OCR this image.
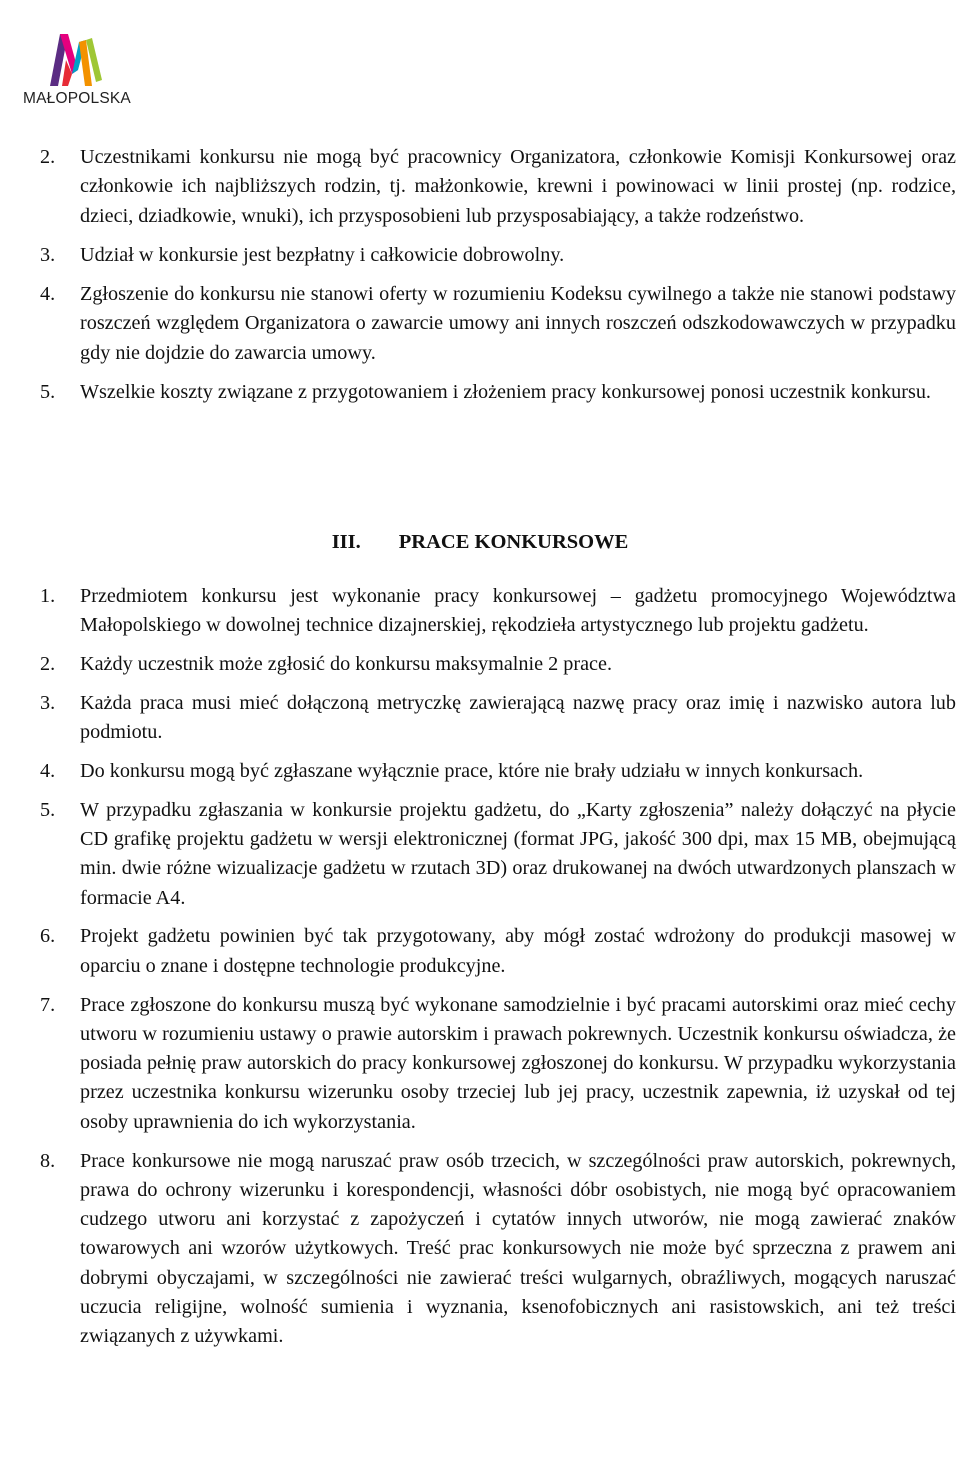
MAŁOPOLSKA
2. Uczestnikami konkursu nie mogą być pracownicy Organizatora, członkowie Komisji Konkursowej oraz członkowie ich najbliższych rodzin, tj. małżonkowie, krewni i powinowaci w linii prostej (np. rodzice, dzieci, dziadkowie, wnuki), ich przysposobieni lub przysposabiający, a także rodzeństwo.
3. Udział w konkursie jest bezpłatny i całkowicie dobrowolny.
4. Zgłoszenie do konkursu nie stanowi oferty w rozumieniu Kodeksu cywilnego a także nie stanowi podstawy roszczeń względem Organizatora o zawarcie umowy ani innych roszczeń odszkodowawczych w przypadku gdy nie dojdzie do zawarcia umowy.
5. Wszelkie koszty związane z przygotowaniem i złożeniem pracy konkursowej ponosi uczestnik konkursu.
III. PRACE KONKURSOWE
1. Przedmiotem konkursu jest wykonanie pracy konkursowej – gadżetu promocyjnego Województwa Małopolskiego w dowolnej technice dizajnerskiej, rękodzieła artystycznego lub projektu gadżetu.
2. Każdy uczestnik może zgłosić do konkursu maksymalnie 2 prace.
3. Każda praca musi mieć dołączoną metryczkę zawierającą nazwę pracy oraz imię i nazwisko autora lub podmiotu.
4. Do konkursu mogą być zgłaszane wyłącznie prace, które nie brały udziału w innych konkursach.
5. W przypadku zgłaszania w konkursie projektu gadżetu, do „Karty zgłoszenia” należy dołączyć na płycie CD grafikę projektu gadżetu w wersji elektronicznej (format JPG, jakość 300 dpi, max 15 MB, obejmującą min. dwie różne wizualizacje gadżetu w rzutach 3D) oraz drukowanej na dwóch utwardzonych planszach w formacie A4.
6. Projekt gadżetu powinien być tak przygotowany, aby mógł zostać wdrożony do produkcji masowej w oparciu o znane i dostępne technologie produkcyjne.
7. Prace zgłoszone do konkursu muszą być wykonane samodzielnie i być pracami autorskimi oraz mieć cechy utworu w rozumieniu ustawy o prawie autorskim i prawach pokrewnych. Uczestnik konkursu oświadcza, że posiada pełnię praw autorskich do pracy konkursowej zgłoszonej do konkursu. W przypadku wykorzystania przez uczestnika konkursu wizerunku osoby trzeciej lub jej pracy, uczestnik zapewnia, iż uzyskał od tej osoby uprawnienia do ich wykorzystania.
8. Prace konkursowe nie mogą naruszać praw osób trzecich, w szczególności praw autorskich, pokrewnych, prawa do ochrony wizerunku i korespondencji, własności dóbr osobistych, nie mogą być opracowaniem cudzego utworu ani korzystać z zapożyczeń i cytatów innych utworów, nie mogą zawierać znaków towarowych ani wzorów użytkowych. Treść prac konkursowych nie może być sprzeczna z prawem ani dobrymi obyczajami, w szczególności nie zawierać treści wulgarnych, obraźliwych, mogących naruszać uczucia religijne, wolność sumienia i wyznania, ksenofobicznych ani rasistowskich, ani też treści związanych z używkami.
